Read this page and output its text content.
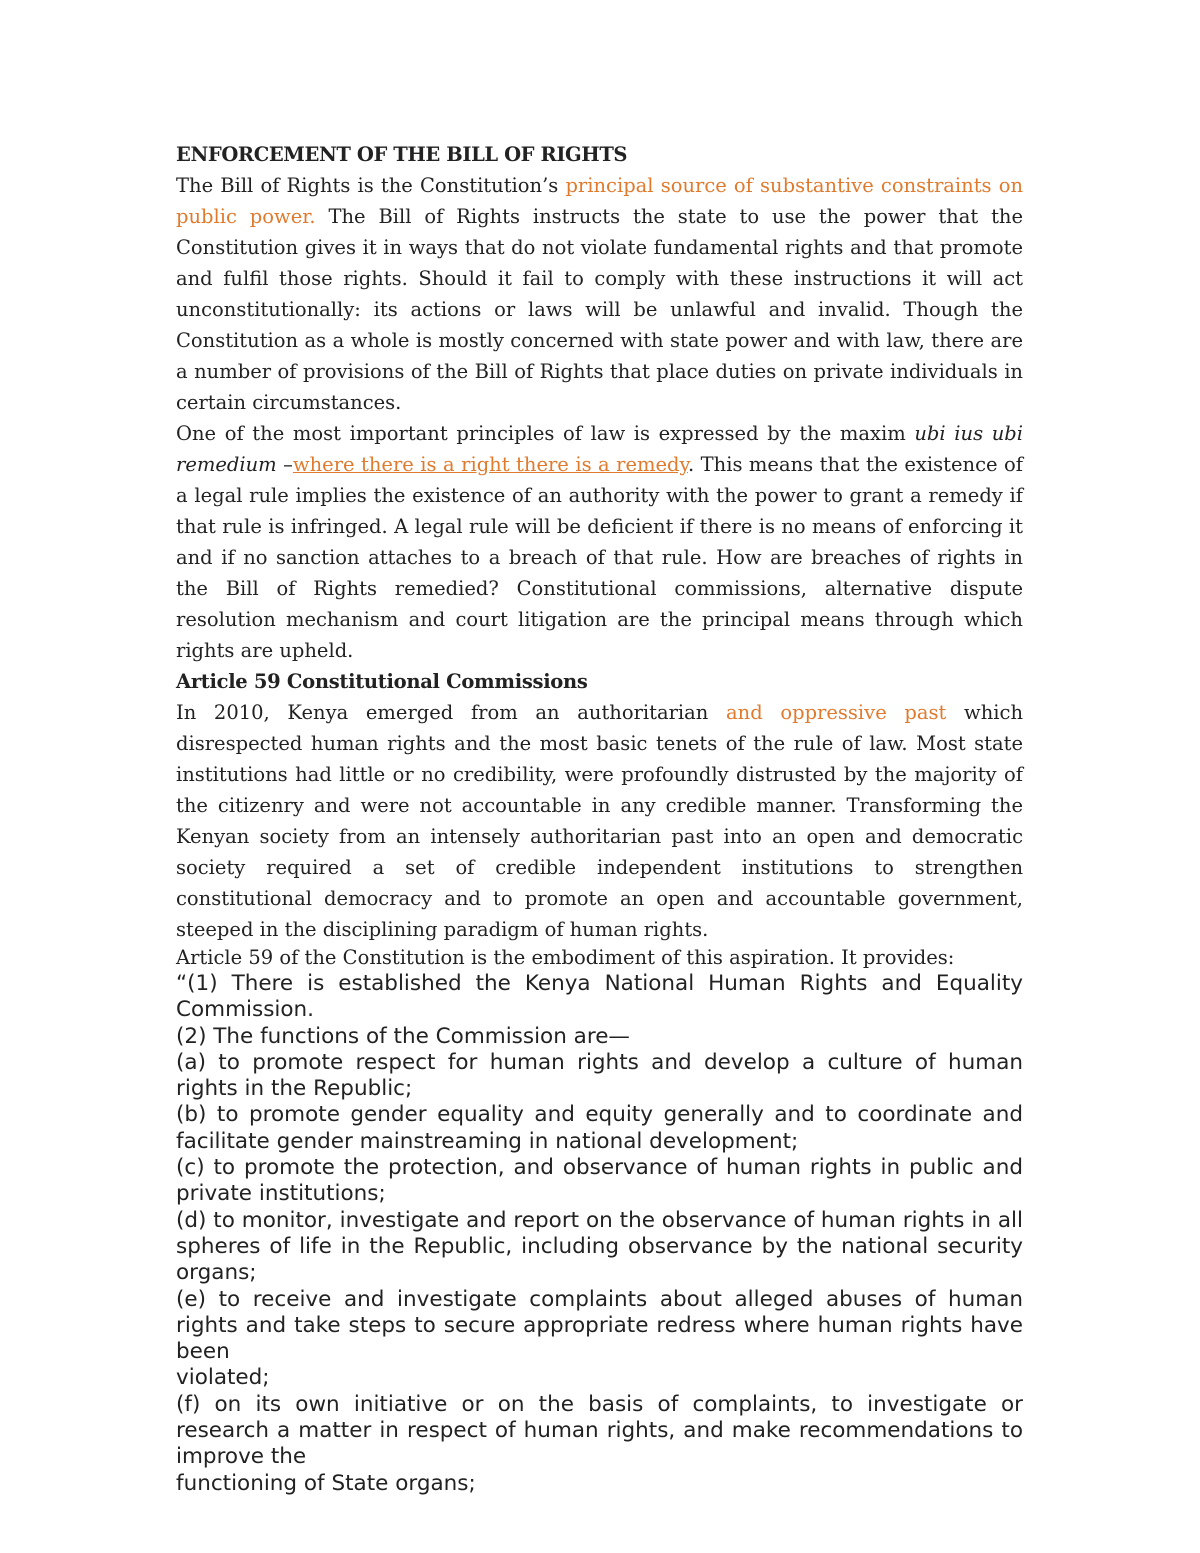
ENFORCEMENT OF THE BILL OF RIGHTS

The Bill of Rights is the Constitution’s principal source of substantive constraints on public power. The Bill of Rights instructs the state to use the power that the Constitution gives it in ways that do not violate fundamental rights and that promote and fulfil those rights. Should it fail to comply with these instructions it will act unconstitutionally: its actions or laws will be unlawful and invalid. Though the Constitution as a whole is mostly concerned with state power and with law, there are a number of provisions of the Bill of Rights that place duties on private individuals in certain circumstances.

One of the most important principles of law is expressed by the maxim ubi ius ubi remedium –where there is a right there is a remedy. This means that the existence of a legal rule implies the existence of an authority with the power to grant a remedy if that rule is infringed. A legal rule will be deficient if there is no means of enforcing it and if no sanction attaches to a breach of that rule. How are breaches of rights in the Bill of Rights remedied? Constitutional commissions, alternative dispute resolution mechanism and court litigation are the principal means through which rights are upheld.

Article 59 Constitutional Commissions

In 2010, Kenya emerged from an authoritarian and oppressive past which disrespected human rights and the most basic tenets of the rule of law. Most state institutions had little or no credibility, were profoundly distrusted by the majority of the citizenry and were not accountable in any credible manner. Transforming the Kenyan society from an intensely authoritarian past into an open and democratic society required a set of credible independent institutions to strengthen constitutional democracy and to promote an open and accountable government, steeped in the disciplining paradigm of human rights.

Article 59 of the Constitution is the embodiment of this aspiration. It provides:

“(1) There is established the Kenya National Human Rights and Equality Commission.

(2) The functions of the Commission are—

(a) to promote respect for human rights and develop a culture of human rights in the Republic;

(b) to promote gender equality and equity generally and to coordinate and facilitate gender mainstreaming in national development;

(c) to promote the protection, and observance of human rights in public and private institutions;

(d) to monitor, investigate and report on the observance of human rights in all spheres of life in the Republic, including observance by the national security organs;

(e) to receive and investigate complaints about alleged abuses of human rights and take steps to secure appropriate redress where human rights have been

violated;

(f) on its own initiative or on the basis of complaints, to investigate or research a matter in respect of human rights, and make recommendations to improve the

functioning of State organs;
